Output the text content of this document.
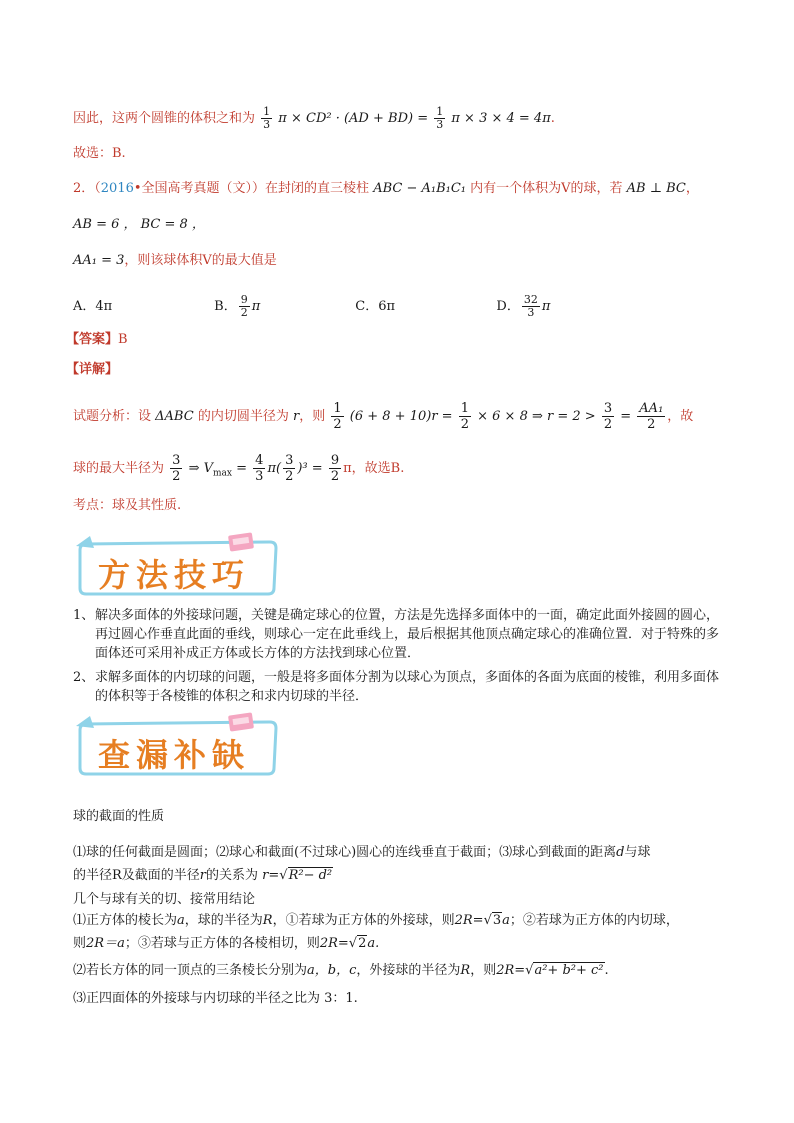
因此，这两个圆锥的体积之和为 $\frac{1}{3}$ $\pi \times CD^2 \cdot (AD + BD) = \frac{1}{3}$ π × 3 × 4 = 4π.
故选：B.
2．（2016•全国高考真题（文））在封闭的直三棱柱 ABC − A₁B₁C₁ 内有一个体积为V的球，若 AB ⊥ BC，
AB = 6 ， BC = 8 ，
AA₁ = 3，则该球体积V的最大值是
A．4π	B． $\frac{9}{2}$ π	C．6π	D． $\frac{32}{3}$ π
【答案】B
【详解】
试题分析：设 ΔABC 的内切圆半径为 r，则 $\frac{1}{2} (6 + 8 + 10)r = \frac{1}{2} \times 6 \times 8$ ⇒ $r = 2 > \frac{3}{2} = \frac{\text{AA₁}}{2}$ ，故
球的最大半径为 $\frac{3}{2}$ ⇒ $V_{max} = \frac{4}{3} \pi( \frac{3}{2} )^3 = \frac{9}{2}$ π，故选B.
考点：球及其性质.
方法技巧
1、 解决多面体的外接球问题，关键是确定球心的位置，方法是先选择多面体中的一面，确定此面外接圆的圆心，再过圆心作垂直此面的垂线，则球心一定在此垂线上，最后根据其他顶点确定球心的准确位置．对于特殊的多面体还可采用补成正方体或长方体的方法找到球心位置．
2、 求解多面体的内切球的问题，一般是将多面体分割为以球心为顶点，多面体的各面为底面的棱锥，利用多面体的体积等于各棱锥的体积之和求内切球的半径．
查漏补缺
球的截面的性质
⑴球的任何截面是圆面；⑵球心和截面(不过球心)圆心的连线垂直于截面；⑶球心到截面的距离d与球
的半径R及截面的半径r的关系为 r=√R²− d²
几个与球有关的切、接常用结论
⑴正方体的棱长为a，球的半径为R，①若球为正方体的外接球，则2R=√3a；②若球为正方体的内切球，
则2R＝a；③若球与正方体的各棱相切，则2R=√2a.
⑵若长方体的同一顶点的三条棱长分别为a，b，c，外接球的半径为R，则2R=√a²+ b²+ c².
⑶正四面体的外接球与内切球的半径之比为 3：1.
